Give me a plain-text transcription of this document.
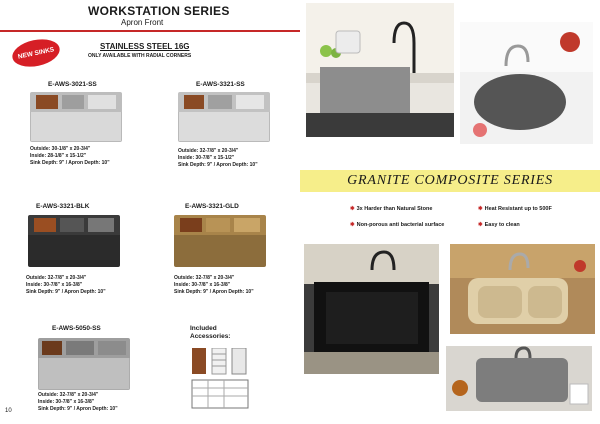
WORKSTATION SERIES
Apron Front
NEW SINKS	STAINLESS STEEL 16G
ONLY AVAILABLE WITH RADIAL CORNERS
E-AWS-3021-SS
Outside: 30-1/8" x 20-3/4"
Inside: 28-1/8" x 15-1/2"
Sink Depth: 9" / Apron Depth: 10"
E-AWS-3321-SS
Outside: 32-7/8" x 20-3/4"
Inside: 30-7/8" x 15-1/2"
Sink Depth: 9" / Apron Depth: 10"
E-AWS-3321-BLK
Outside: 32-7/8" x 20-3/4"
Inside: 30-7/8" x 16-3/8"
Sink Depth: 9" / Apron Depth: 10"
E-AWS-3321-GLD
Outside: 32-7/8" x 20-3/4"
Inside: 30-7/8" x 16-3/8"
Sink Depth: 9" / Apron Depth: 10"
E-AWS-5050-SS
Outside: 32-7/8" x 20-3/4"
Inside: 30-7/8" x 16-3/8"
Sink Depth: 9" / Apron Depth: 10"
Included
Accessories:
10
GRANITE COMPOSITE SERIES
✱ 3x Harder than Natural Stone	✱ Heat Resistant up to 500F
✱ Non-porous anti bacterial surface	✱ Easy to clean
